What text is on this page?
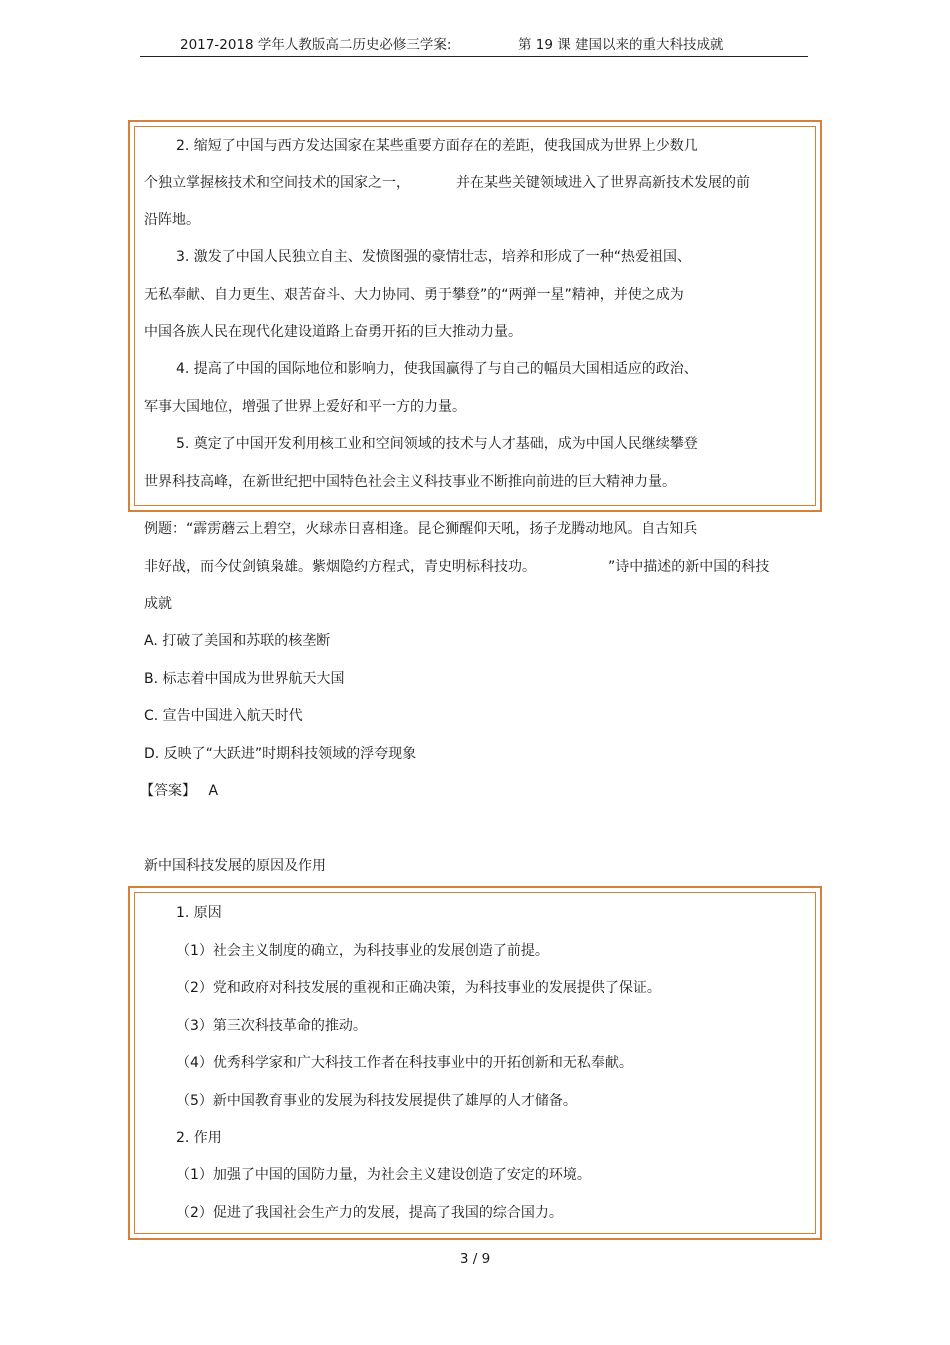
2017-2018 学年人教版高二历史必修三学案:	第 19 课 建国以来的重大科技成就
2. 缩短了中国与西方发达国家在某些重要方面存在的差距，使我国成为世界上少数几
个独立掌握核技术和空间技术的国家之一，	并在某些关键领域进入了世界高新技术发展的前
沿阵地。
3. 激发了中国人民独立自主、发愤图强的豪情壮志，培养和形成了一种“热爱祖国、
无私奉献、自力更生、艰苦奋斗、大力协同、勇于攀登”的“两弹一星”精神，并使之成为
中国各族人民在现代化建设道路上奋勇开拓的巨大推动力量。
4. 提高了中国的国际地位和影响力，使我国赢得了与自己的幅员大国相适应的政治、
军事大国地位，增强了世界上爱好和平一方的力量。
5. 奠定了中国开发利用核工业和空间领域的技术与人才基础，成为中国人民继续攀登
世界科技高峰，在新世纪把中国特色社会主义科技事业不断推向前进的巨大精神力量。
例题：“霹雳蘑云上碧空，火球赤日喜相逢。昆仑狮醒仰天吼，扬子龙腾动地风。自古知兵
非好战，而今仗剑镇枭雄。紫烟隐约方程式，青史明标科技功。	”诗中描述的新中国的科技
成就
A. 打破了美国和苏联的核垄断
B. 标志着中国成为世界航天大国
C. 宣告中国进入航天时代
D. 反映了“大跃进”时期科技领域的浮夸现象
【答案】 A
新中国科技发展的原因及作用
1. 原因
（1）社会主义制度的确立，为科技事业的发展创造了前提。
（2）党和政府对科技发展的重视和正确决策，为科技事业的发展提供了保证。
（3）第三次科技革命的推动。
（4）优秀科学家和广大科技工作者在科技事业中的开拓创新和无私奉献。
（5）新中国教育事业的发展为科技发展提供了雄厚的人才储备。
2. 作用
（1）加强了中国的国防力量，为社会主义建设创造了安定的环境。
（2）促进了我国社会生产力的发展，提高了我国的综合国力。
3 / 9
